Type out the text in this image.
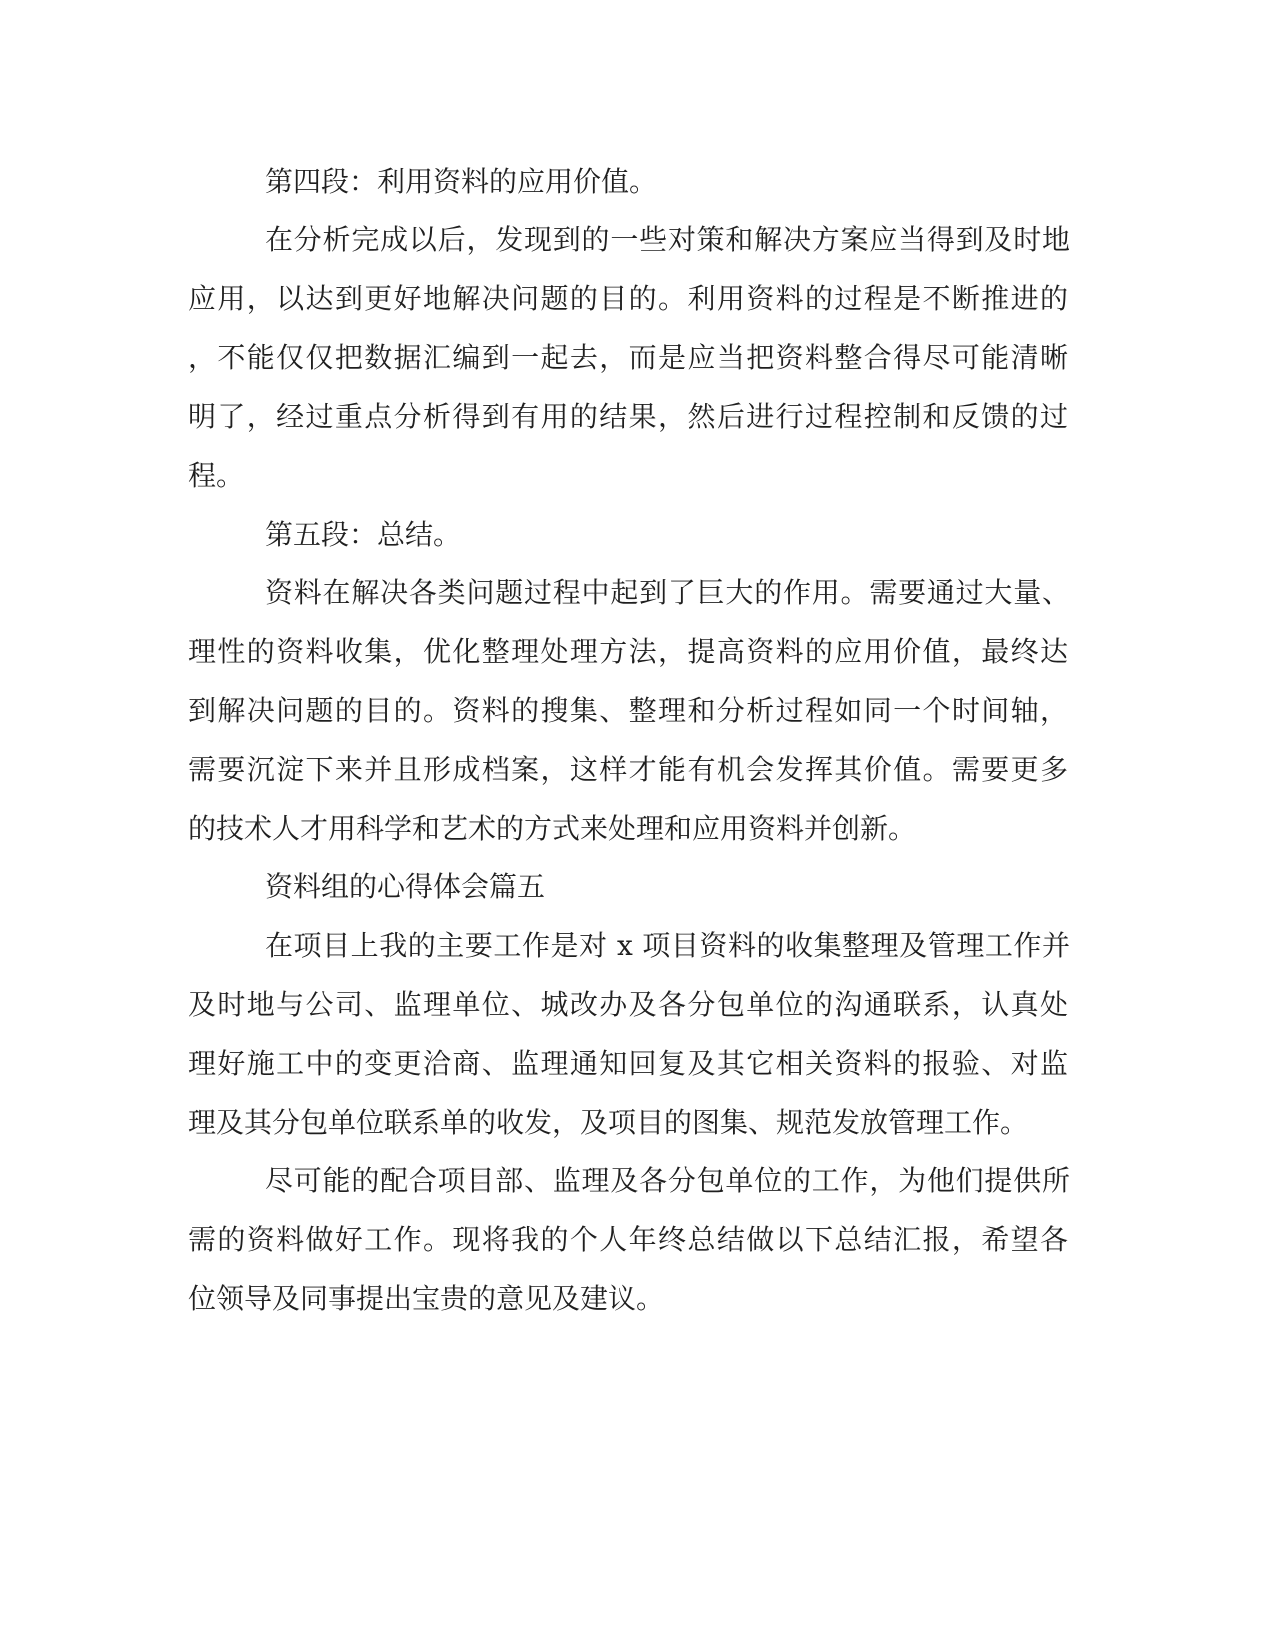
第四段：利用资料的应用价值。

在分析完成以后，发现到的一些对策和解决方案应当得到及时地

应用，以达到更好地解决问题的目的。利用资料的过程是不断推进的

，不能仅仅把数据汇编到一起去，而是应当把资料整合得尽可能清晰

明了，经过重点分析得到有用的结果，然后进行过程控制和反馈的过

程。

第五段：总结。

资料在解决各类问题过程中起到了巨大的作用。需要通过大量、

理性的资料收集，优化整理处理方法，提高资料的应用价值，最终达

到解决问题的目的。资料的搜集、整理和分析过程如同一个时间轴，

需要沉淀下来并且形成档案，这样才能有机会发挥其价值。需要更多

的技术人才用科学和艺术的方式来处理和应用资料并创新。

资料组的心得体会篇五

在项目上我的主要工作是对 x 项目资料的收集整理及管理工作并

及时地与公司、监理单位、城改办及各分包单位的沟通联系，认真处

理好施工中的变更洽商、监理通知回复及其它相关资料的报验、对监

理及其分包单位联系单的收发，及项目的图集、规范发放管理工作。

尽可能的配合项目部、监理及各分包单位的工作，为他们提供所

需的资料做好工作。现将我的个人年终总结做以下总结汇报，希望各

位领导及同事提出宝贵的意见及建议。
